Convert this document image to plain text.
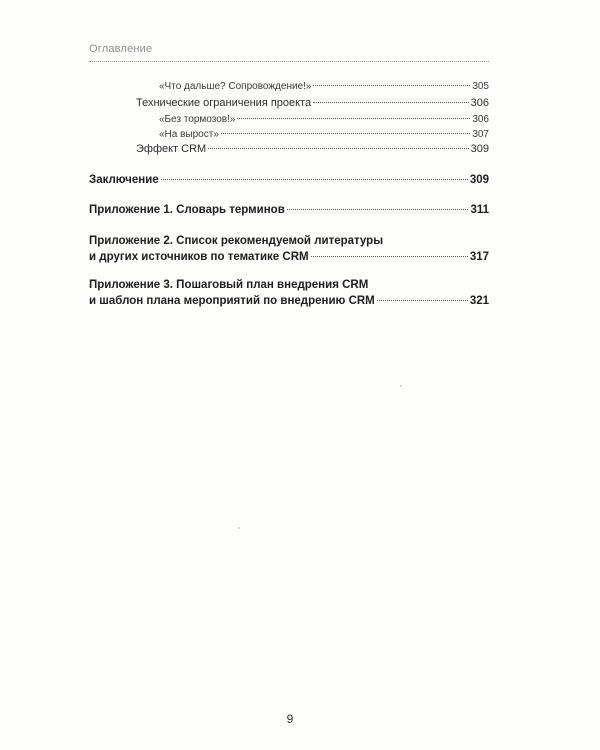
Оглавление
«Что дальше? Сопровождение!»	305
Технические ограничения проекта	306
«Без тормозов!»	306
«На вырост»	307
Эффект CRM	309
Заключение	309
Приложение 1. Словарь терминов	311
Приложение 2. Список рекомендуемой литературы
и других источников по тематике CRM	317
Приложение 3. Пошаговый план внедрения CRM
и шаблон плана мероприятий по внедрению CRM	321
9
